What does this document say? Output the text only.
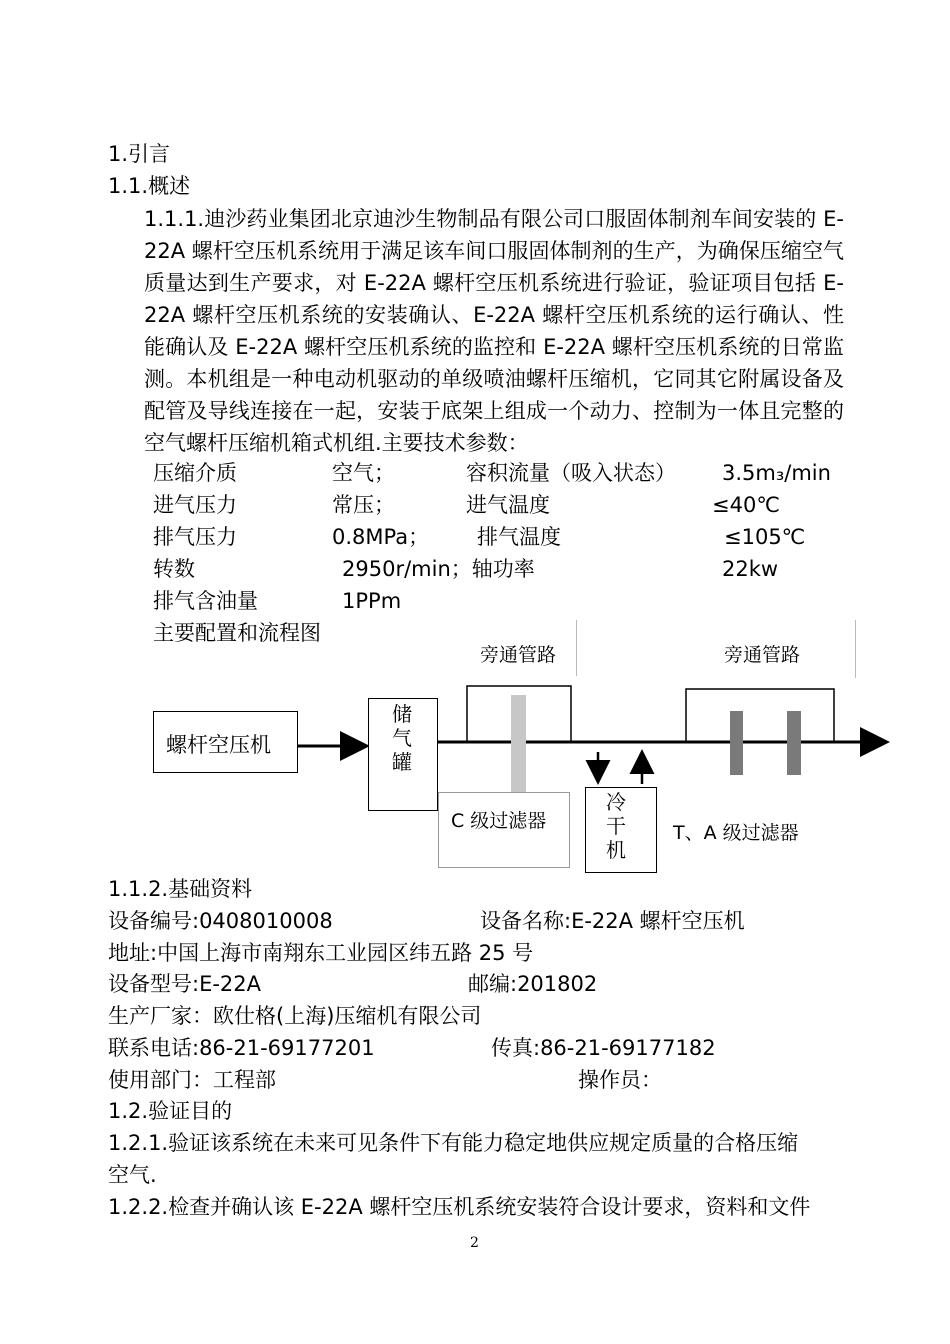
1.引言
1.1.概述
1.1.1.迪沙药业集团北京迪沙生物制品有限公司口服固体制剂车间安装的 E-22A 螺杆空压机系统用于满足该车间口服固体制剂的生产，为确保压缩空气质量达到生产要求，对 E-22A 螺杆空压机系统进行验证，验证项目包括 E-22A 螺杆空压机系统的安装确认、E-22A 螺杆空压机系统的运行确认、性能确认及 E-22A 螺杆空压机系统的监控和 E-22A 螺杆空压机系统的日常监测。本机组是一种电动机驱动的单级喷油螺杆压缩机，它同其它附属设备及配管及导线连接在一起，安装于底架上组成一个动力、控制为一体且完整的空气螺杆压缩机箱式机组.主要技术参数：
压缩介质	空气；	容积流量（吸入状态） 3.5m₃/min
进气压力	常压；	进气温度	≤40℃
排气压力	0.8MPa； 排气温度	≤105℃
转数	2950r/min；轴功率	22kw
排气含油量	1PPm
主要配置和流程图
旁通管路	旁通管路
螺杆空压机
储气罐
C 级过滤器
冷干机
T、A 级过滤器
1.1.2.基础资料
设备编号:0408010008	设备名称:E-22A 螺杆空压机
地址:中国上海市南翔东工业园区纬五路 25 号
设备型号:E-22A	邮编:201802
生产厂家：欧仕格(上海)压缩机有限公司
联系电话:86-21-69177201	传真:86-21-69177182
使用部门：工程部	操作员：
1.2.验证目的
1.2.1.验证该系统在未来可见条件下有能力稳定地供应规定质量的合格压缩
空气.
1.2.2.检查并确认该 E-22A 螺杆空压机系统安装符合设计要求，资料和文件
2
